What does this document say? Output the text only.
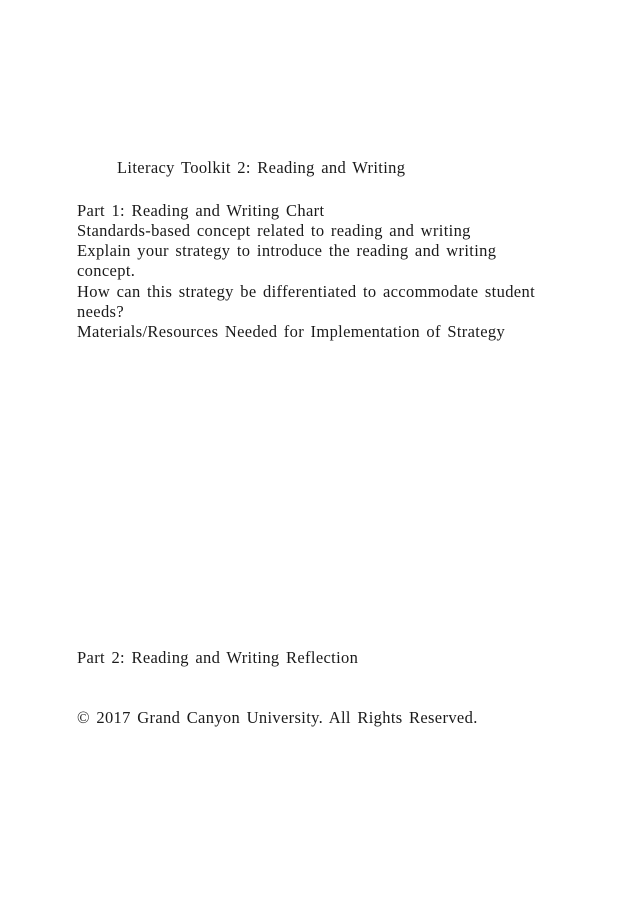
Literacy Toolkit 2: Reading and Writing
Part 1: Reading and Writing Chart
Standards-based concept related to reading and writing
Explain your strategy to introduce the reading and writing
concept.
How can this strategy be differentiated to accommodate student
needs?
Materials/Resources Needed for Implementation of Strategy
Part 2: Reading and Writing Reflection
© 2017 Grand Canyon University. All Rights Reserved.
